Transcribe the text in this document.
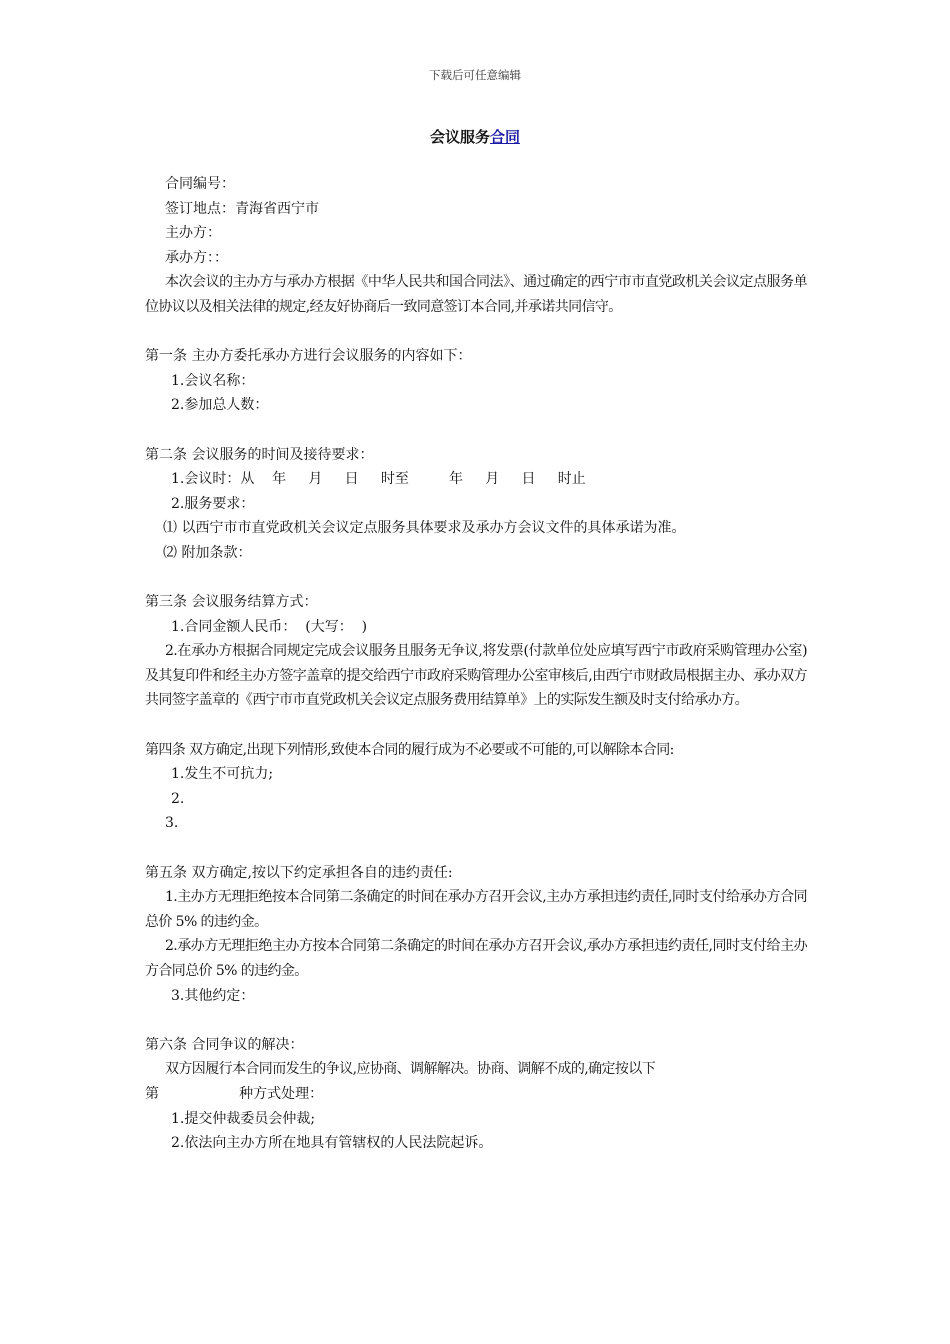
下载后可任意编辑
会议服务合同

合同编号：

签订地点：青海省西宁市

主办方：

承办方：：

本次会议的主办方与承办方根据《中华人民共和国合同法》、通过确定的西宁市市直党政机关会议定点服务单位协议以及相关法律的规定,经友好协商后一致同意签订本合同,并承诺共同信守。

第一条 主办方委托承办方进行会议服务的内容如下：

1.会议名称：

2.参加总人数：

第二条 会议服务的时间及接待要求：

1.会议时：从    年     月     日     时至         年     月     日     时止

2.服务要求：

⑴ 以西宁市市直党政机关会议定点服务具体要求及承办方会议文件的具体承诺为准。

⑵ 附加条款：

第三条 会议服务结算方式：

1.合同金额人民币：  (大写：  )

2.在承办方根据合同规定完成会议服务且服务无争议,将发票(付款单位处应填写西宁市政府采购管理办公室)及其复印件和经主办方签字盖章的提交给西宁市政府采购管理办公室审核后,由西宁市财政局根据主办、承办双方共同签字盖章的《西宁市市直党政机关会议定点服务费用结算单》上的实际发生额及时支付给承办方。

第四条 双方确定,出现下列情形,致使本合同的履行成为不必要或不可能的,可以解除本合同:

1.发生不可抗力;

2.

3.

第五条 双方确定,按以下约定承担各自的违约责任:

1.主办方无理拒绝按本合同第二条确定的时间在承办方召开会议,主办方承担违约责任,同时支付给承办方合同总价 5% 的违约金。

2.承办方无理拒绝主办方按本合同第二条确定的时间在承办方召开会议,承办方承担违约责任,同时支付给主办方合同总价 5% 的违约金。

3.其他约定：

第六条 合同争议的解决：

双方因履行本合同而发生的争议,应协商、调解解决。协商、调解不成的,确定按以下

第                  种方式处理：

1.提交仲裁委员会仲裁;

2.依法向主办方所在地具有管辖权的人民法院起诉。
